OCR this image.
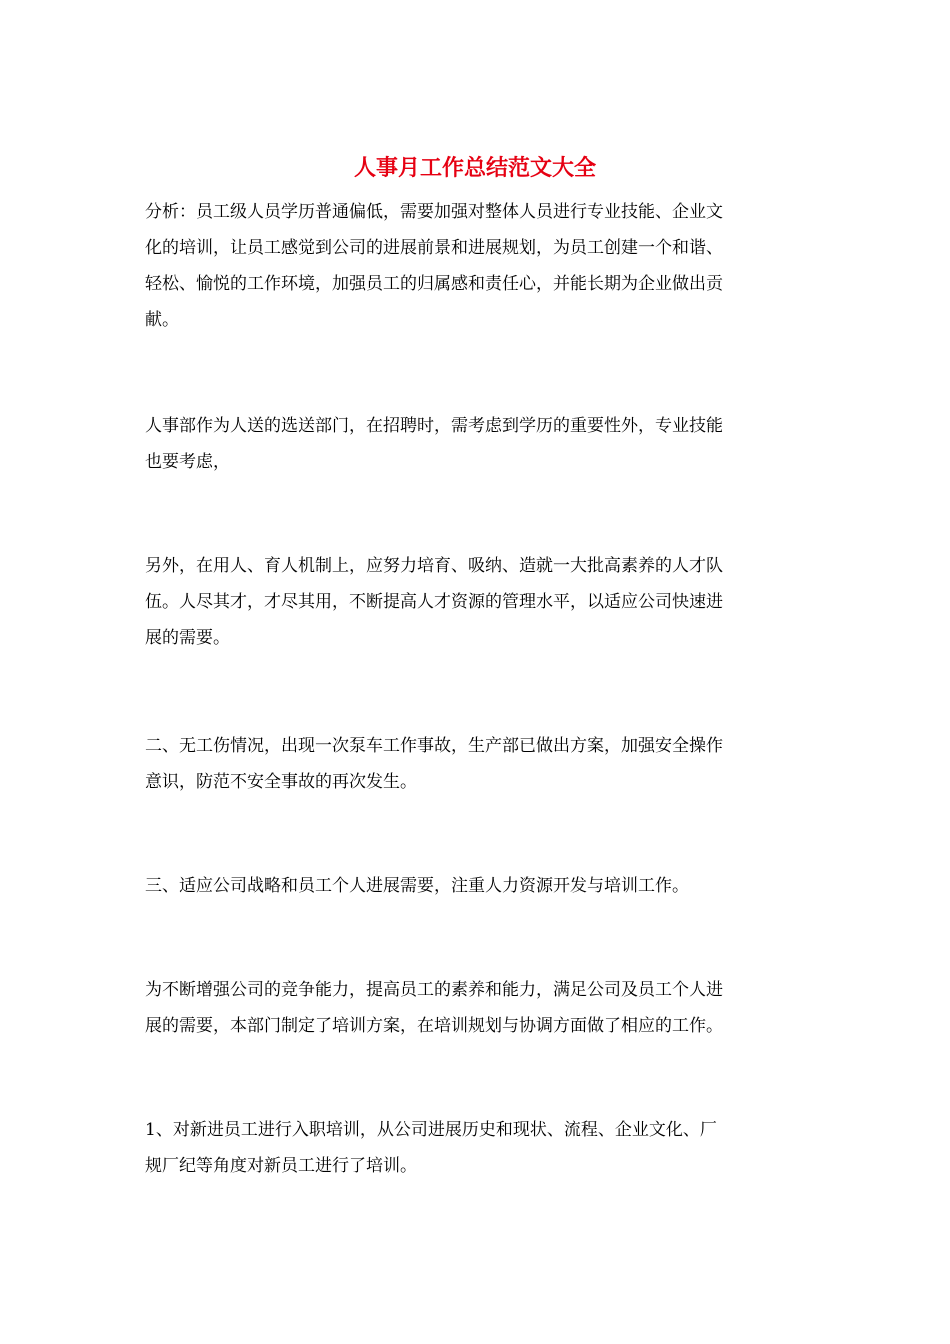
人事月工作总结范文大全

分析：员工级人员学历普通偏低，需要加强对整体人员进行专业技能、企业文
化的培训，让员工感觉到公司的进展前景和进展规划，为员工创建一个和谐、
轻松、愉悦的工作环境，加强员工的归属感和责任心，并能长期为企业做出贡
献。

人事部作为人送的选送部门，在招聘时，需考虑到学历的重要性外，专业技能
也要考虑，

另外，在用人、育人机制上，应努力培育、吸纳、造就一大批高素养的人才队
伍。人尽其才，才尽其用，不断提高人才资源的管理水平，以适应公司快速进
展的需要。

二、无工伤情况，出现一次泵车工作事故，生产部已做出方案，加强安全操作
意识，防范不安全事故的再次发生。

三、适应公司战略和员工个人进展需要，注重人力资源开发与培训工作。

为不断增强公司的竞争能力，提高员工的素养和能力，满足公司及员工个人进
展的需要，本部门制定了培训方案，在培训规划与协调方面做了相应的工作。

1、对新进员工进行入职培训，从公司进展历史和现状、流程、企业文化、厂
规厂纪等角度对新员工进行了培训。
